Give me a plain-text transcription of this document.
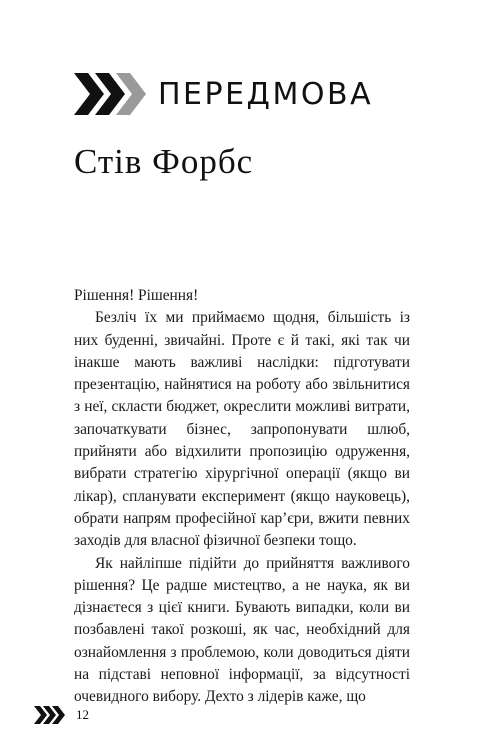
ПЕРЕДМОВА
Стів Форбс

Рішення! Рішення!

Безліч їх ми приймаємо щодня, більшість із них буденні, звичайні. Проте є й такі, які так чи інакше мають важливі наслідки: підготувати презентацію, найнятися на роботу або звільнитися з неї, скласти бюджет, окреслити можливі витрати, започаткувати бізнес, запропонувати шлюб, прийняти або відхилити пропозицію одруження, вибрати стратегію хірургічної операції (якщо ви лікар), спланувати експеримент (якщо науковець), обрати напрям професійної кар’єри, вжити певних заходів для власної фізичної безпеки тощо.

Як найліпше підійти до прийняття важливого рішення? Це радше мистецтво, а не наука, як ви дізнаєтеся з цієї книги. Бувають випадки, коли ви позбавлені такої розкоші, як час, необхідний для ознайомлення з проблемою, коли доводиться діяти на підставі неповної інформації, за відсутності очевидного вибору. Дехто з лідерів каже, що

12
